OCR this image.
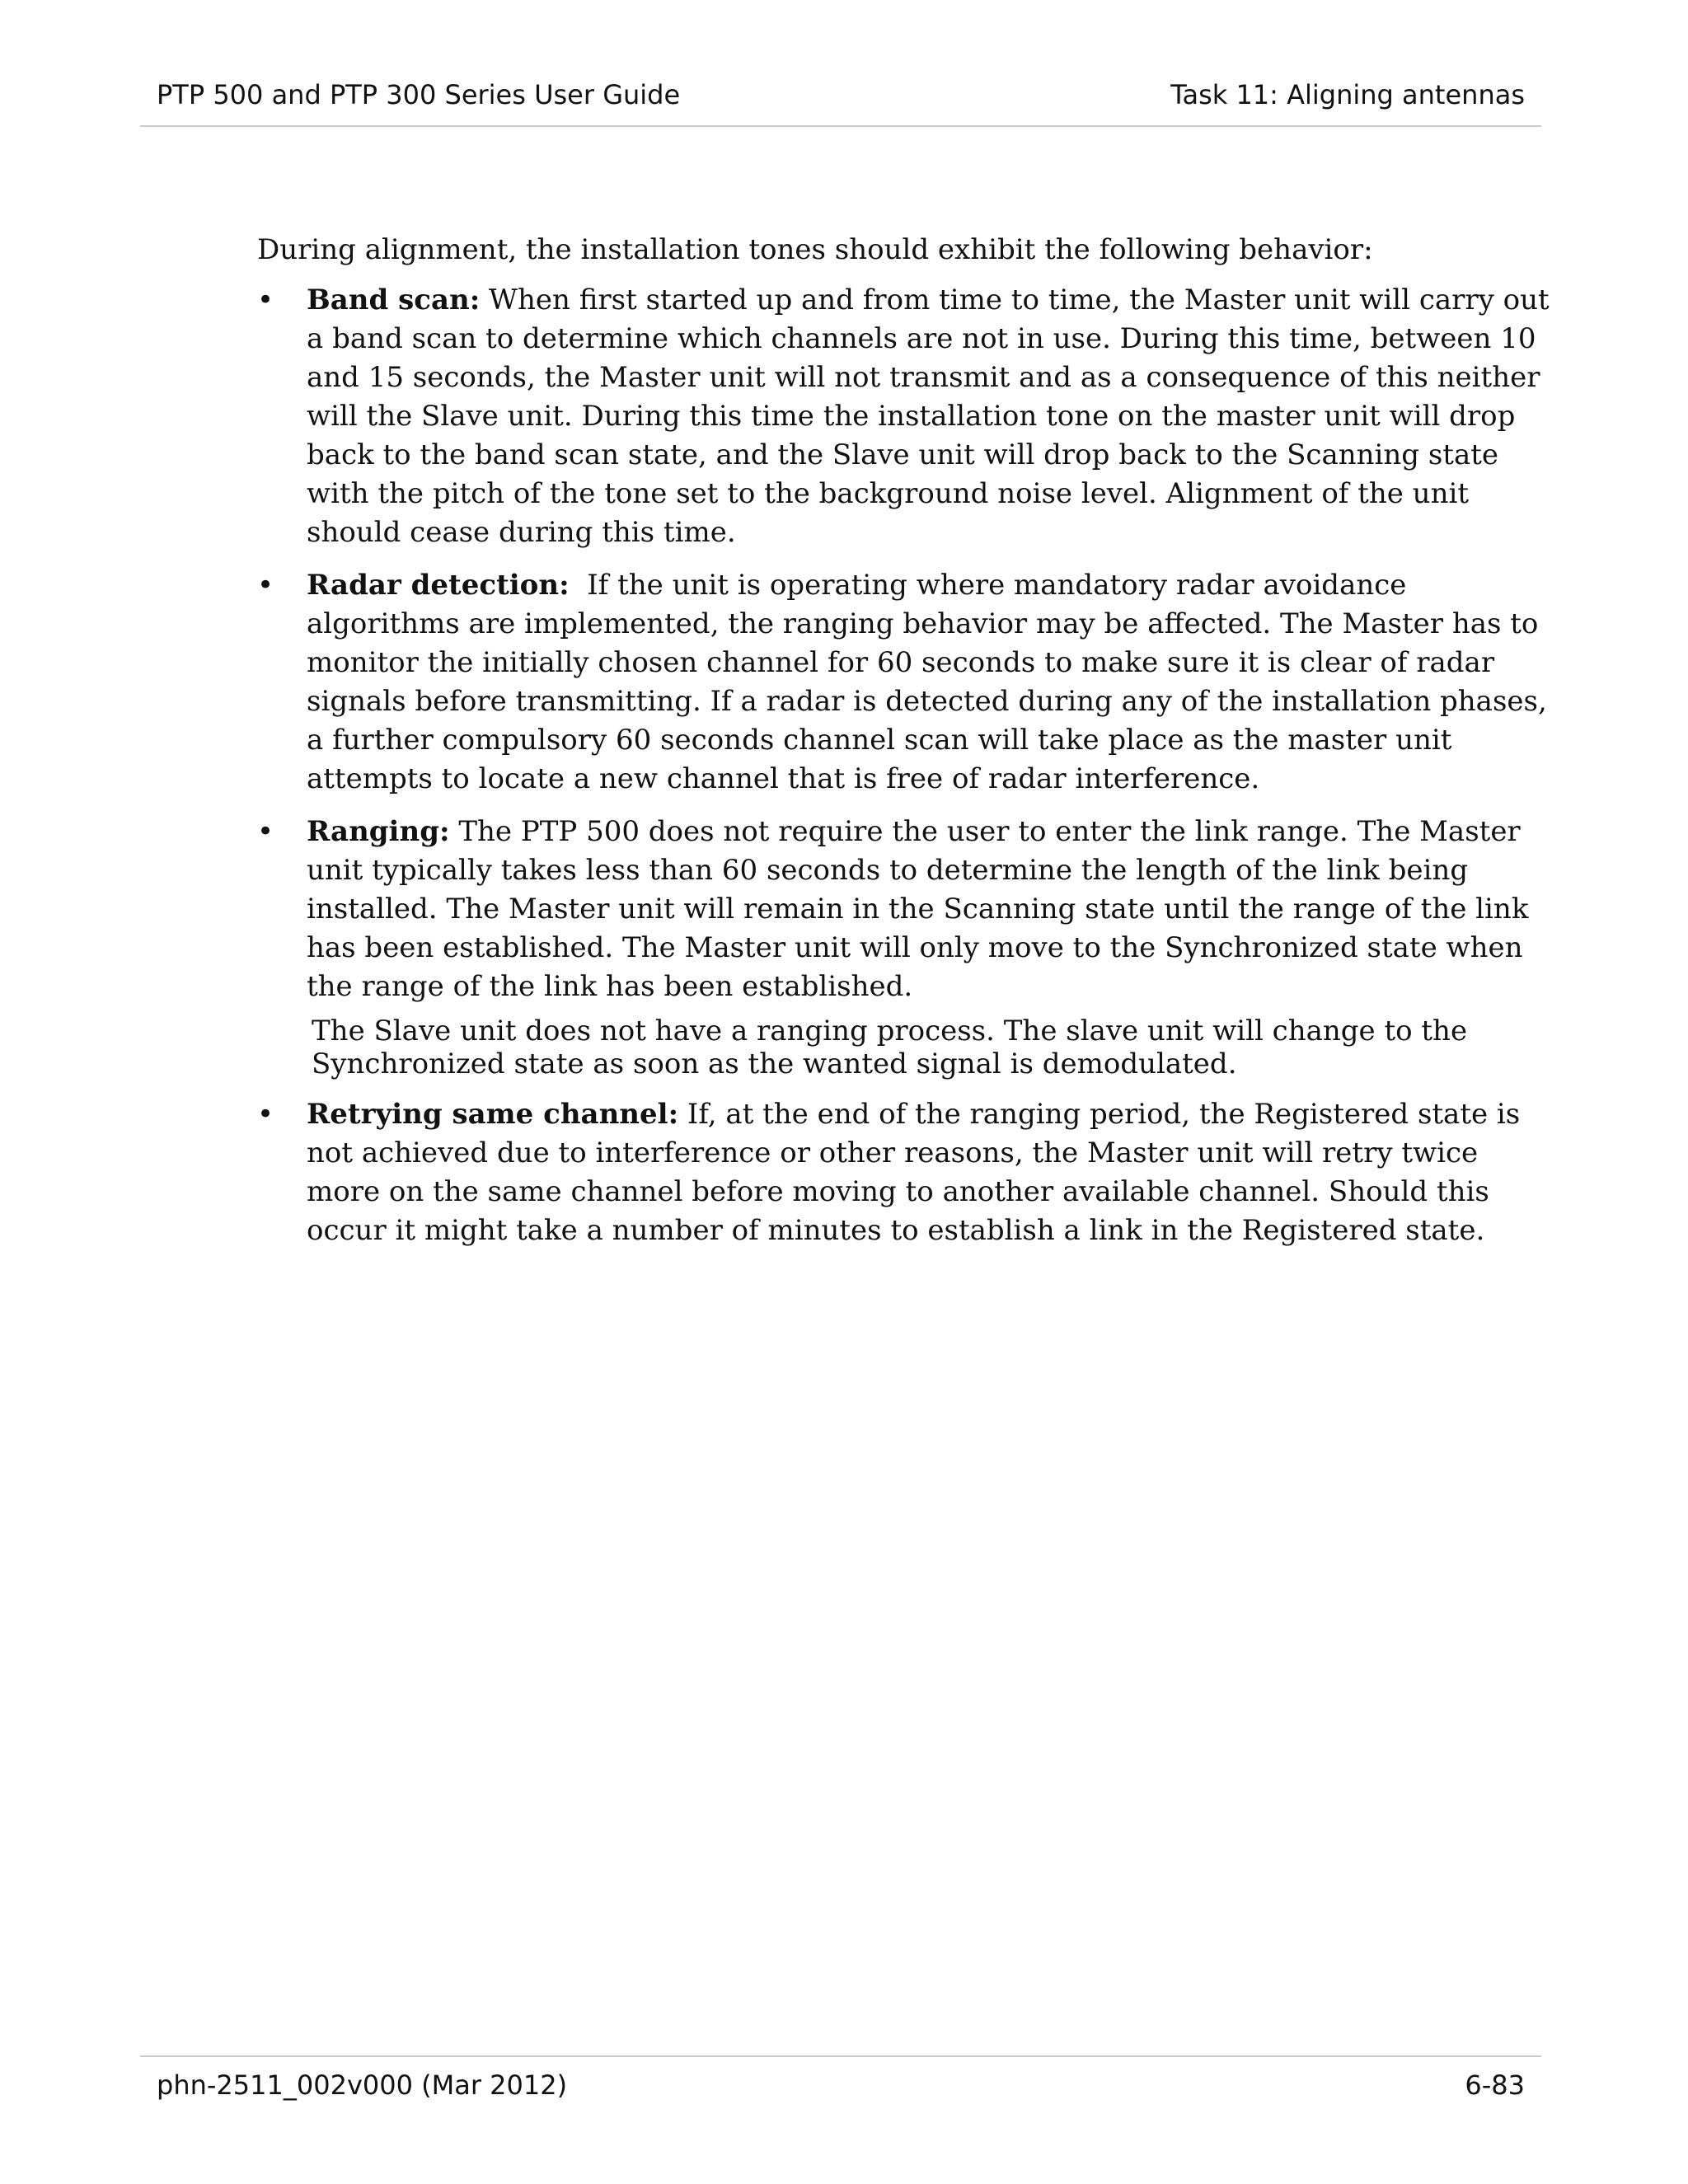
PTP 500 and PTP 300 Series User Guide	Task 11: Aligning antennas

During alignment, the installation tones should exhibit the following behavior:

• Band scan: When first started up and from time to time, the Master unit will carry out a band scan to determine which channels are not in use. During this time, between 10 and 15 seconds, the Master unit will not transmit and as a consequence of this neither will the Slave unit. During this time the installation tone on the master unit will drop back to the band scan state, and the Slave unit will drop back to the Scanning state with the pitch of the tone set to the background noise level. Alignment of the unit should cease during this time.
• Radar detection:  If the unit is operating where mandatory radar avoidance algorithms are implemented, the ranging behavior may be affected. The Master has to monitor the initially chosen channel for 60 seconds to make sure it is clear of radar signals before transmitting. If a radar is detected during any of the installation phases, a further compulsory 60 seconds channel scan will take place as the master unit attempts to locate a new channel that is free of radar interference.
• Ranging: The PTP 500 does not require the user to enter the link range. The Master unit typically takes less than 60 seconds to determine the length of the link being installed. The Master unit will remain in the Scanning state until the range of the link has been established. The Master unit will only move to the Synchronized state when the range of the link has been established.

The Slave unit does not have a ranging process. The slave unit will change to the Synchronized state as soon as the wanted signal is demodulated.

• Retrying same channel: If, at the end of the ranging period, the Registered state is not achieved due to interference or other reasons, the Master unit will retry twice more on the same channel before moving to another available channel. Should this occur it might take a number of minutes to establish a link in the Registered state.
phn-2511_002v000 (Mar 2012)	6-83
